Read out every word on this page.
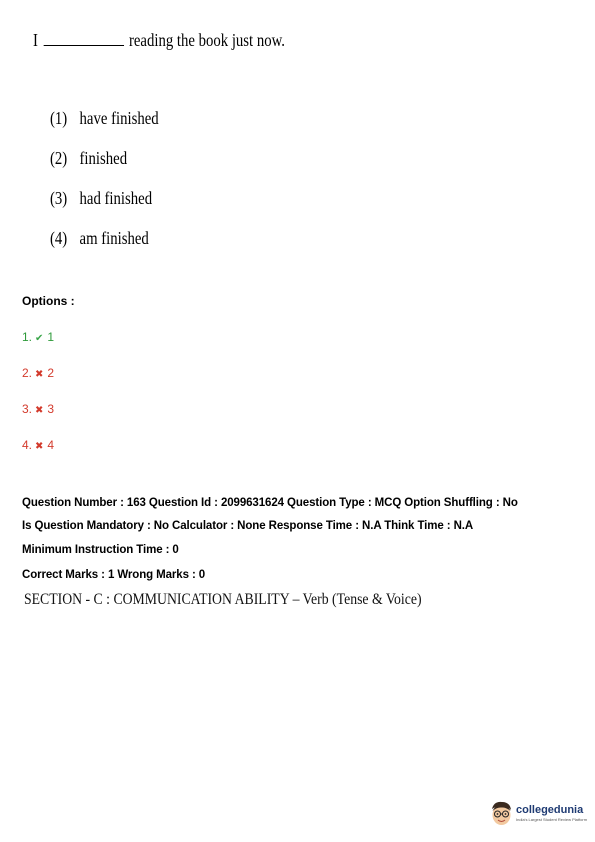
I	reading the book just now.
(1) have finished
(2) finished
(3) had finished
(4) am finished
Options :
1. ✔ 1
2. ✖ 2
3. ✖ 3
4. ✖ 4
Question Number : 163 Question Id : 2099631624 Question Type : MCQ Option Shuffling : No
Is Question Mandatory : No Calculator : None Response Time : N.A Think Time : N.A
Minimum Instruction Time : 0
Correct Marks : 1 Wrong Marks : 0
SECTION - C : COMMUNICATION ABILITY – Verb (Tense & Voice)
collegedunia
India's Largest Student Review Platform
